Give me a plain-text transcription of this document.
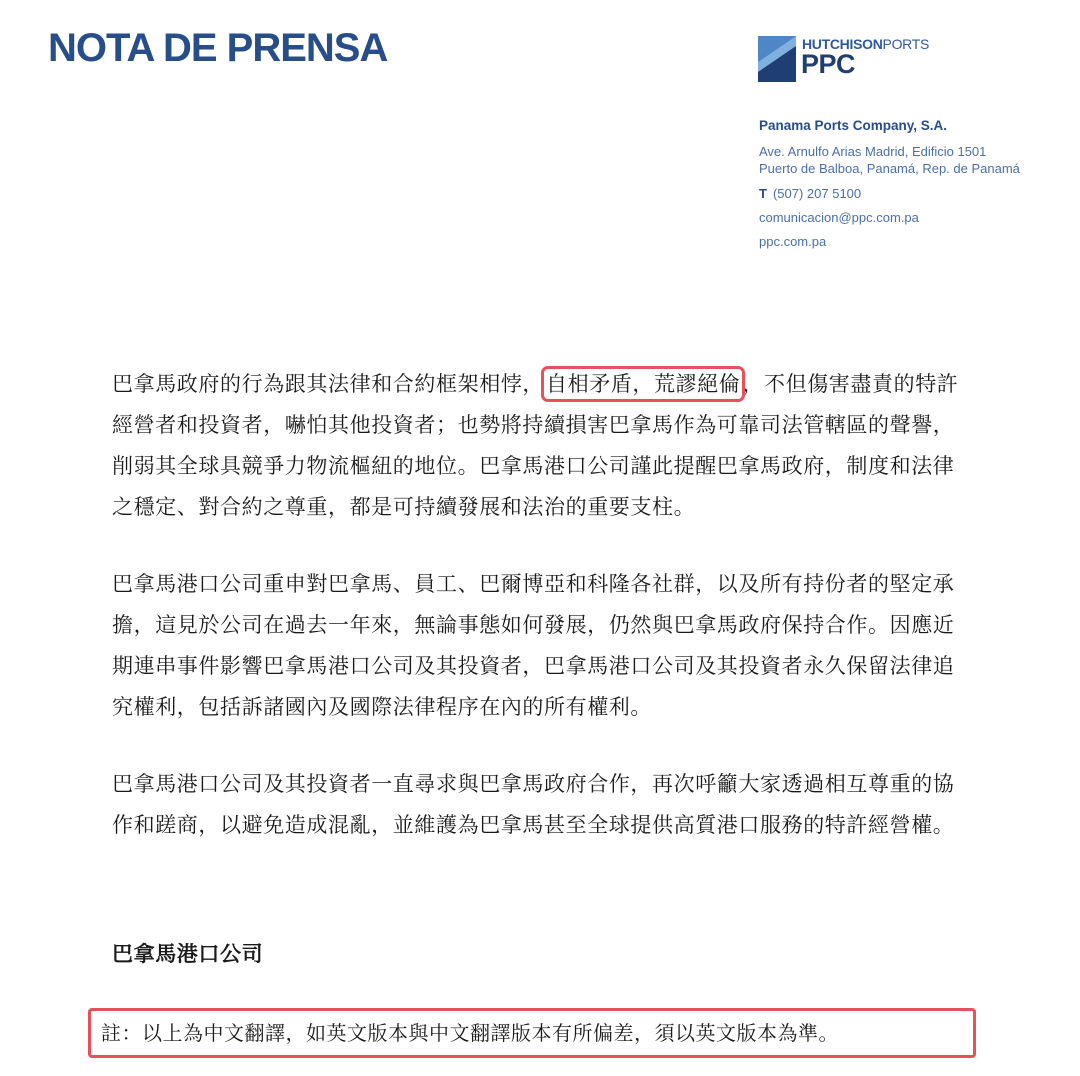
NOTA DE PRENSA	HUTCHISONPORTS
PPC
Panama Ports Company, S.A.
Ave. Arnulfo Arias Madrid, Edificio 1501
Puerto de Balboa, Panamá, Rep. de Panamá
T (507) 207 5100
comunicacion@ppc.com.pa
ppc.com.pa

巴拿馬政府的行為跟其法律和合約框架相悖，自相矛盾，荒謬絕倫，不但傷害盡責的特許經營者和投資者，嚇怕其他投資者；也勢將持續損害巴拿馬作為可靠司法管轄區的聲譽，削弱其全球具競爭力物流樞紐的地位。巴拿馬港口公司謹此提醒巴拿馬政府，制度和法律之穩定、對合約之尊重，都是可持續發展和法治的重要支柱。

巴拿馬港口公司重申對巴拿馬、員工、巴爾博亞和科隆各社群，以及所有持份者的堅定承擔，這見於公司在過去一年來，無論事態如何發展，仍然與巴拿馬政府保持合作。因應近期連串事件影響巴拿馬港口公司及其投資者，巴拿馬港口公司及其投資者永久保留法律追究權利，包括訴諸國內及國際法律程序在內的所有權利。

巴拿馬港口公司及其投資者一直尋求與巴拿馬政府合作，再次呼籲大家透過相互尊重的協作和蹉商，以避免造成混亂，並維護為巴拿馬甚至全球提供高質港口服務的特許經營權。

巴拿馬港口公司
註：以上為中文翻譯，如英文版本與中文翻譯版本有所偏差，須以英文版本為準。
